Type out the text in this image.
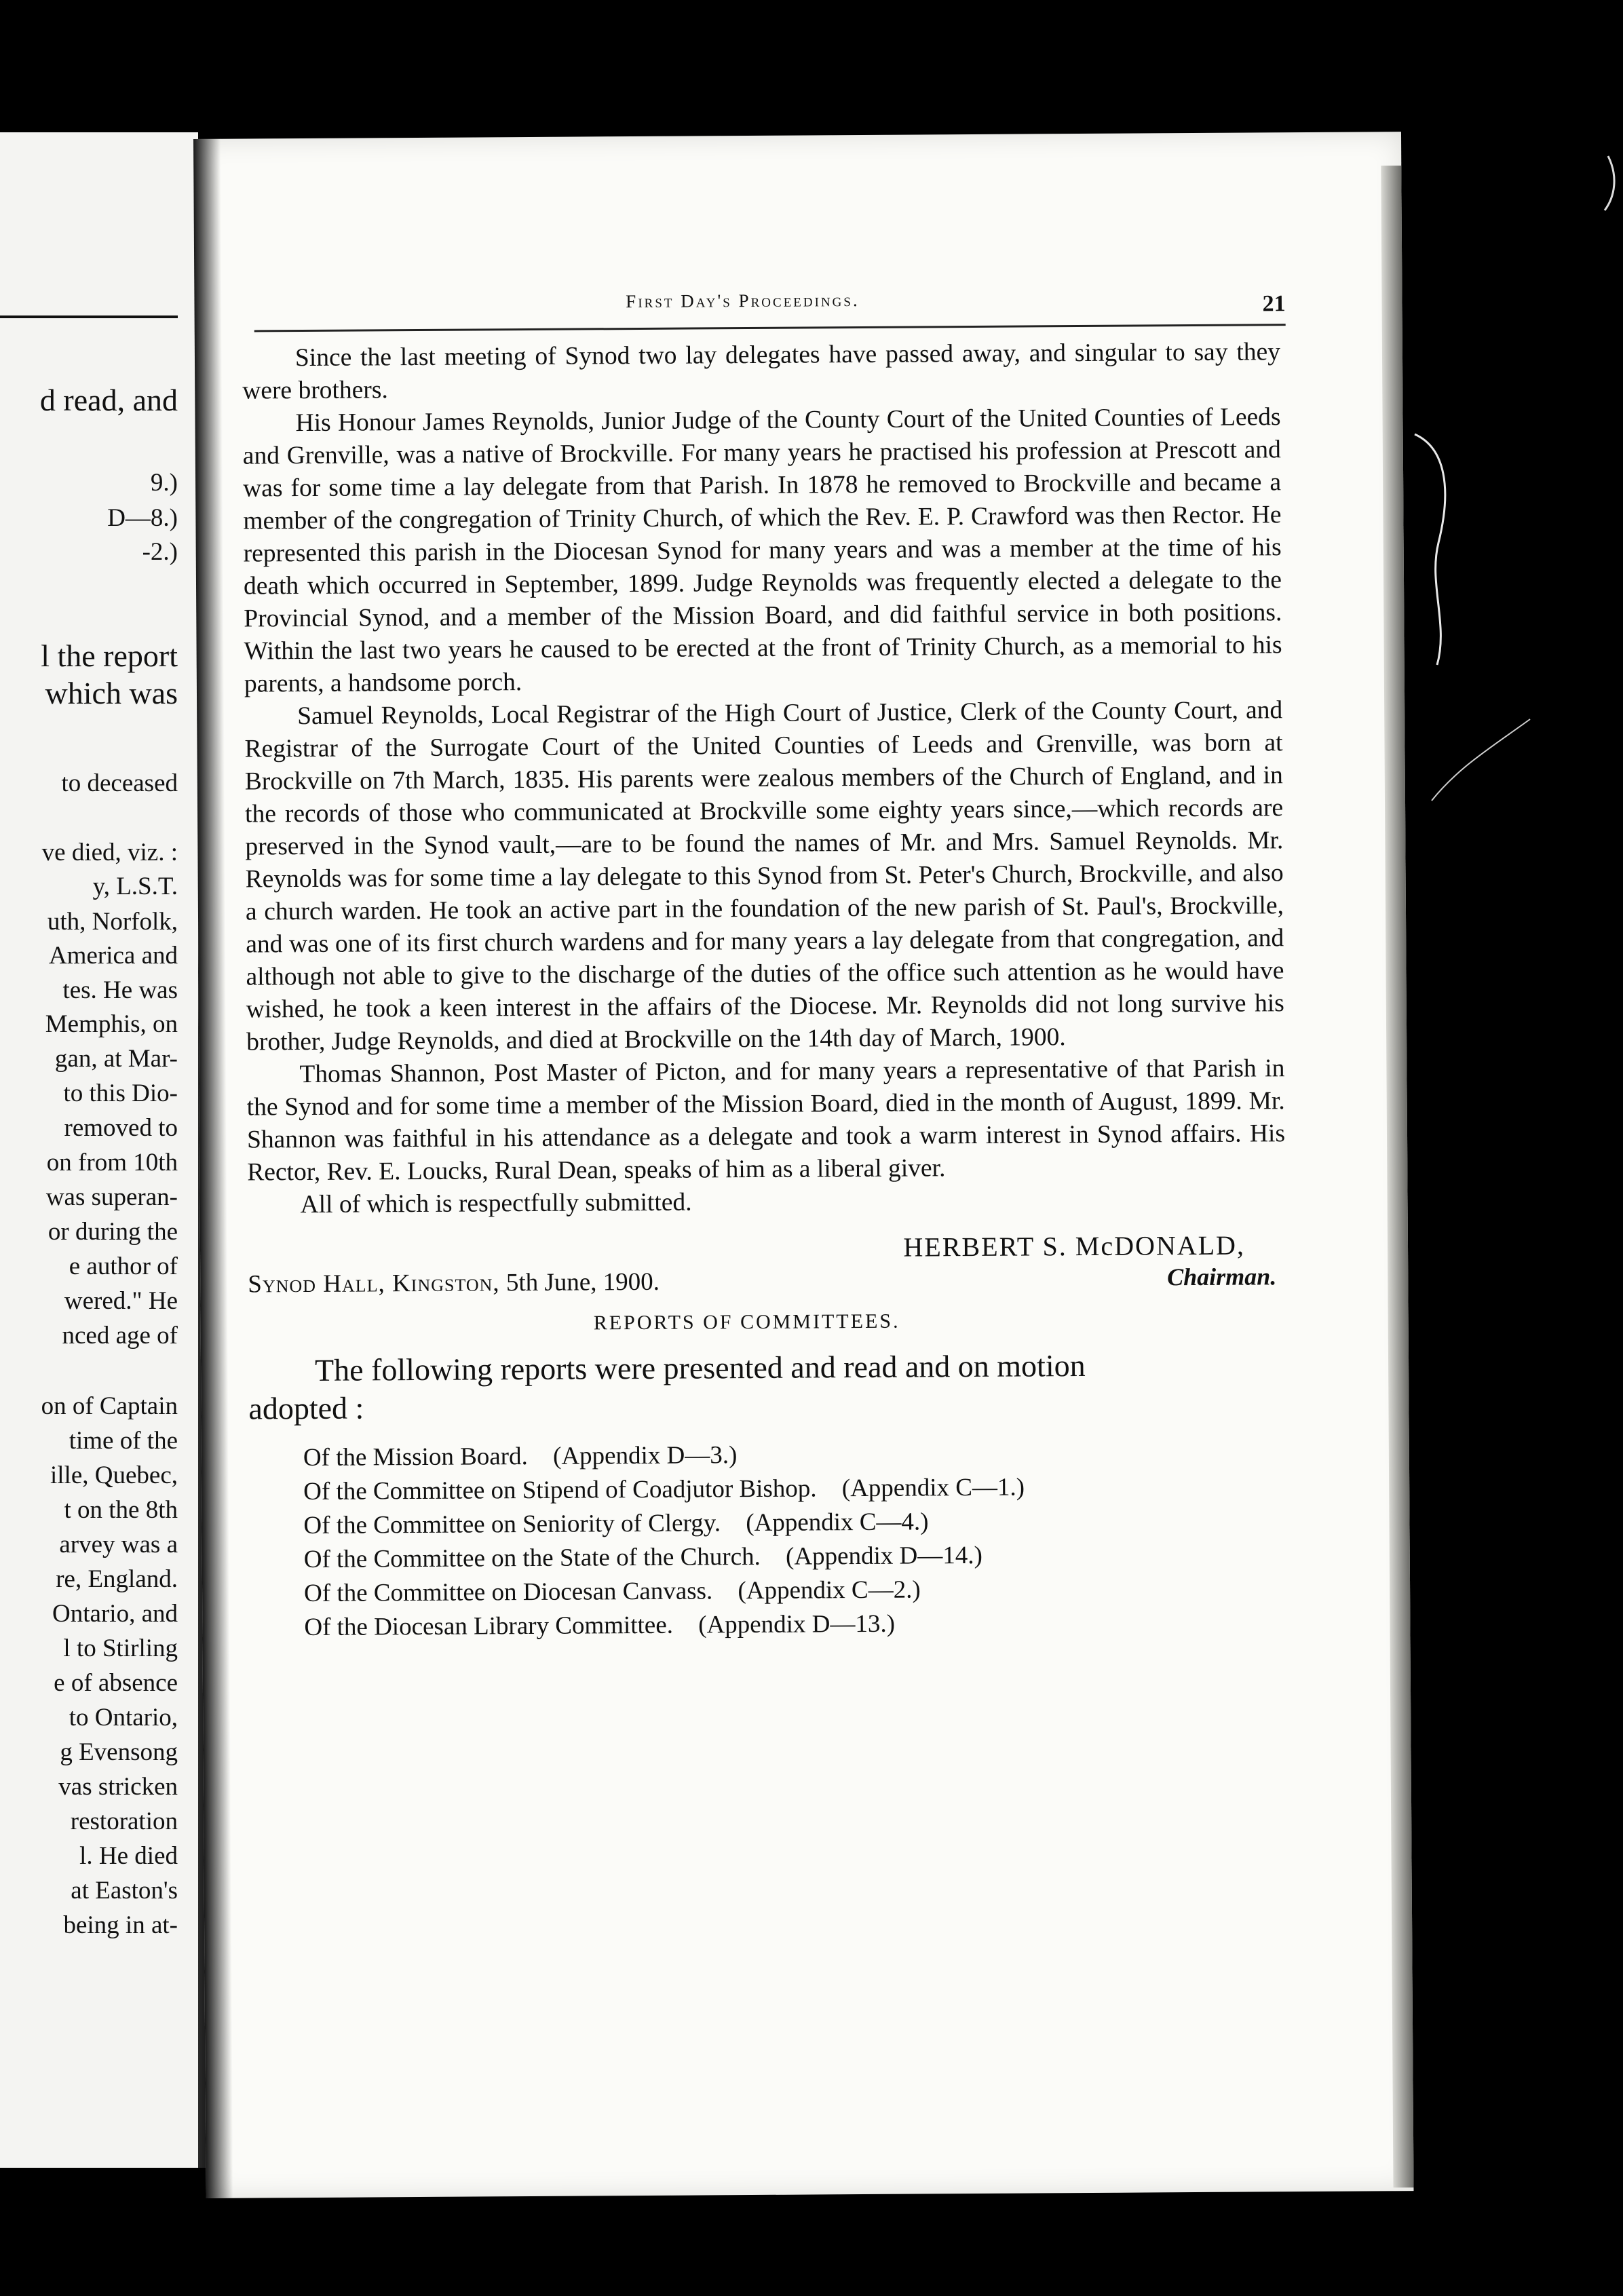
d read, and
9.)
D—8.)
-2.)
l the report
which was
to deceased
ve died, viz. :
y, L.S.T.
uth, Norfolk,
America and
tes. He was
Memphis, on
gan, at Mar-
to this Dio-
removed to
on from 10th
was superan-
or during the
e author of
wered." He
nced age of
on of Captain
time of the
ille, Quebec,
t on the 8th
arvey was a
re, England.
Ontario, and
l to Stirling
e of absence
to Ontario,
g Evensong
vas stricken
restoration
l. He died
at Easton's
being in at-
First Day's Proceedings.	21

Since the last meeting of Synod two lay delegates have passed away, and singular to say they were brothers.

His Honour James Reynolds, Junior Judge of the County Court of the United Counties of Leeds and Grenville, was a native of Brockville. For many years he practised his profession at Prescott and was for some time a lay delegate from that Parish. In 1878 he removed to Brockville and became a member of the congregation of Trinity Church, of which the Rev. E. P. Crawford was then Rector. He represented this parish in the Diocesan Synod for many years and was a member at the time of his death which occurred in September, 1899. Judge Reynolds was frequently elected a delegate to the Provincial Synod, and a member of the Mission Board, and did faithful service in both positions. Within the last two years he caused to be erected at the front of Trinity Church, as a memorial to his parents, a handsome porch.

Samuel Reynolds, Local Registrar of the High Court of Justice, Clerk of the County Court, and Registrar of the Surrogate Court of the United Counties of Leeds and Grenville, was born at Brockville on 7th March, 1835. His parents were zealous members of the Church of England, and in the records of those who communicated at Brockville some eighty years since,—which records are preserved in the Synod vault,—are to be found the names of Mr. and Mrs. Samuel Reynolds. Mr. Reynolds was for some time a lay delegate to this Synod from St. Peter's Church, Brockville, and also a church warden. He took an active part in the foundation of the new parish of St. Paul's, Brockville, and was one of its first church wardens and for many years a lay delegate from that congregation, and although not able to give to the discharge of the duties of the office such attention as he would have wished, he took a keen interest in the affairs of the Diocese. Mr. Reynolds did not long survive his brother, Judge Reynolds, and died at Brockville on the 14th day of March, 1900.

Thomas Shannon, Post Master of Picton, and for many years a representative of that Parish in the Synod and for some time a member of the Mission Board, died in the month of August, 1899. Mr. Shannon was faithful in his attendance as a delegate and took a warm interest in Synod affairs. His Rector, Rev. E. Loucks, Rural Dean, speaks of him as a liberal giver.

All of which is respectfully submitted.

HERBERT S. McDONALD,
Chairman.
Synod Hall, Kingston, 5th June, 1900.
REPORTS OF COMMITTEES.
The following reports were presented and read and on motion
adopted :
Of the Mission Board. (Appendix D—3.)
Of the Committee on Stipend of Coadjutor Bishop. (Appendix C—1.)
Of the Committee on Seniority of Clergy. (Appendix C—4.)
Of the Committee on the State of the Church. (Appendix D—14.)
Of the Committee on Diocesan Canvass. (Appendix C—2.)
Of the Diocesan Library Committee. (Appendix D—13.)
